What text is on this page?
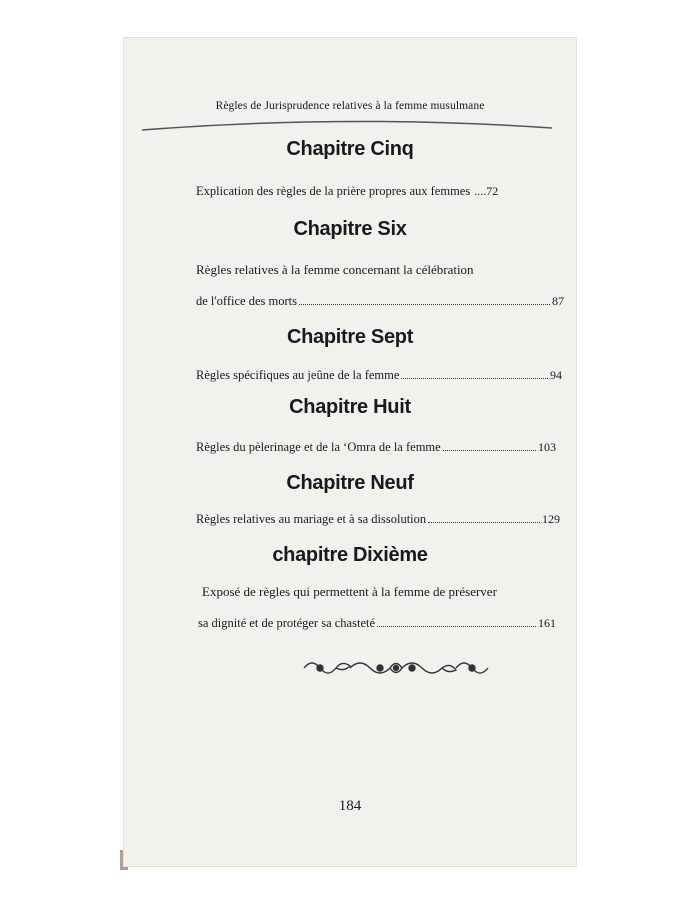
Règles de Jurisprudence relatives à la femme musulmane
Chapitre Cinq
Explication des règles de la prière propres aux femmes ....72
Chapitre Six
Règles relatives à la femme concernant la célébration
de l'office des morts	87
Chapitre Sept
Règles spécifiques au jeûne de la femme	94
Chapitre Huit
Règles du pèlerinage et de la ‘Omra de la femme	103
Chapitre Neuf
Règles relatives au mariage et à sa dissolution	129
chapitre Dixième
Exposé de règles qui permettent à la femme de préserver
sa dignité et de protéger sa chasteté	161
184
